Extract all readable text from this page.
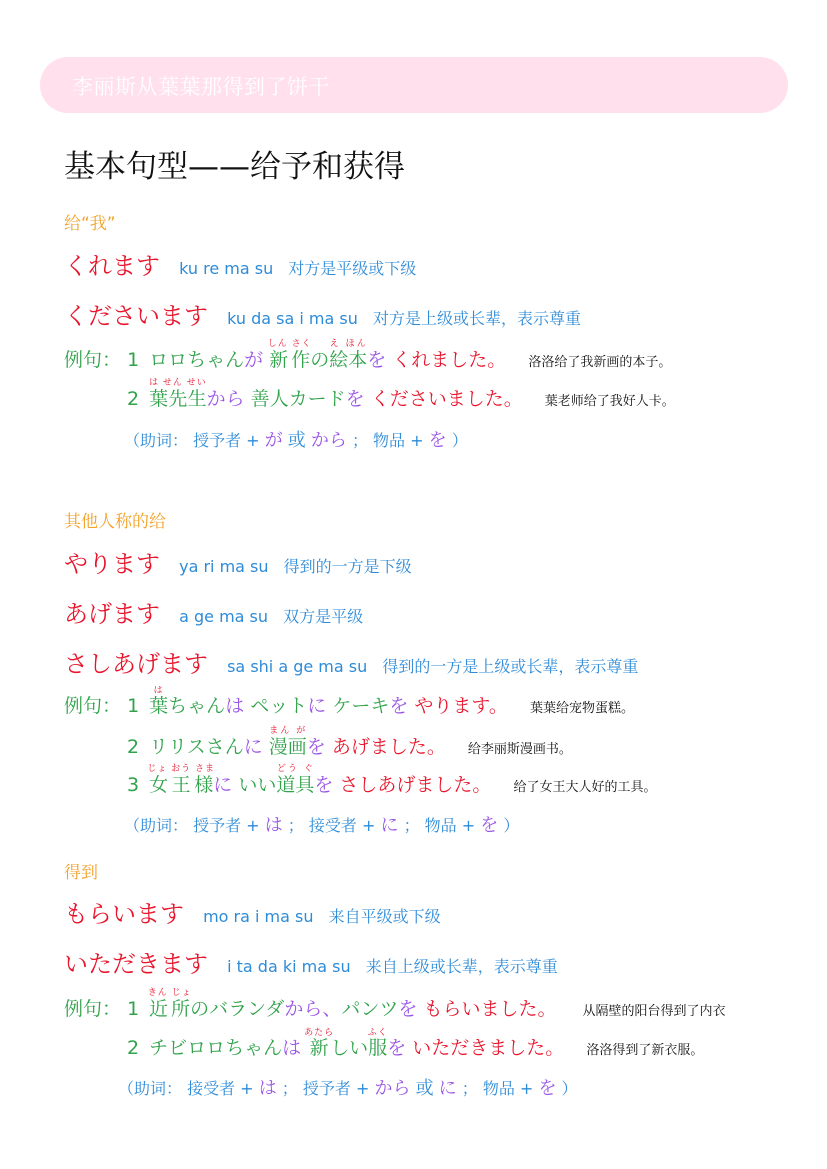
李丽斯从葉葉那得到了饼干
基本句型——给予和获得
给“我”
くれます ku re ma su 对方是平级或下级
くださいます ku da sa i ma su 对方是上级或长辈，表示尊重
例句： 1 ロロちゃんが 新作しん さくの絵本え ほんを くれました。 洛洛给了我新画的本子。
2 葉先生は せん せいから 善人カードを くださいました。 葉老师给了我好人卡。
（助词： 授予者 + が 或 から ； 物品 + を ）
其他人称的给
やります ya ri ma su 得到的一方是下级
あげます a ge ma su 双方是平级
さしあげます sa shi a ge ma su 得到的一方是上级或长辈，表示尊重
例句： 1 葉はちゃんは ペットに ケーキを やります。 葉葉给宠物蛋糕。
2 リリスさんに 漫画まん がを あげました。 给李丽斯漫画书。
3 女王様じょ おう さまに いい道具どう ぐを さしあげました。 给了女王大人好的工具。
（助词： 授予者 + は ； 接受者 + に ； 物品 + を ）
得到
もらいます mo ra i ma su 来自平级或下级
いただきます i ta da ki ma su 来自上级或长辈，表示尊重
例句： 1 近所きん じょのバランダから、パンツを もらいました。 从隔壁的阳台得到了内衣
2 チビロロちゃんは 新あたらしい服ふくを いただきました。 洛洛得到了新衣服。
（助词： 接受者 + は ； 授予者 + から 或 に ； 物品 + を ）
